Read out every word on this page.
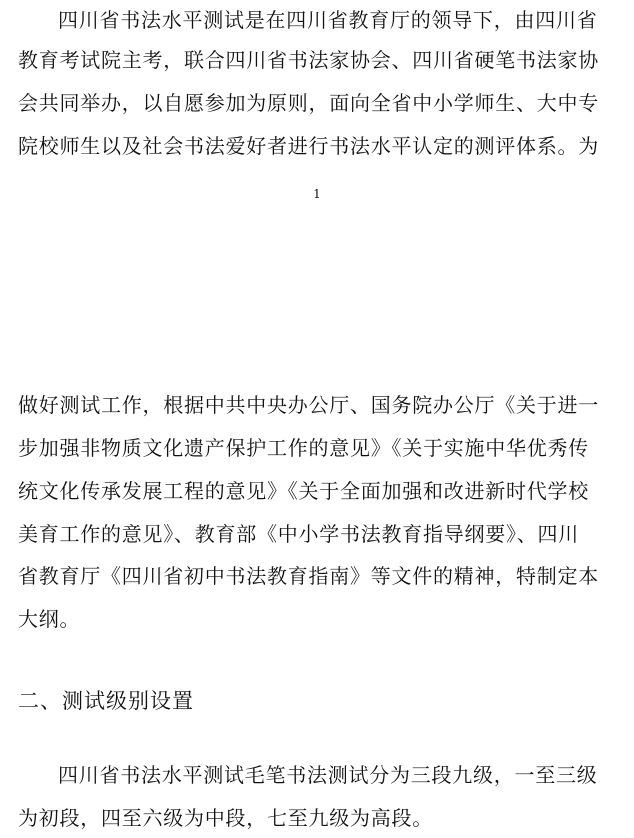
四川省书法水平测试是在四川省教育厅的领导下，由四川省
教育考试院主考，联合四川省书法家协会、四川省硬笔书法家协
会共同举办，以自愿参加为原则，面向全省中小学师生、大中专
院校师生以及社会书法爱好者进行书法水平认定的测评体系。为
1
做好测试工作，根据中共中央办公厅、国务院办公厅《关于进一
步加强非物质文化遗产保护工作的意见》《关于实施中华优秀传
统文化传承发展工程的意见》《关于全面加强和改进新时代学校
美育工作的意见》、教育部《中小学书法教育指导纲要》、四川
省教育厅《四川省初中书法教育指南》等文件的精神，特制定本
大纲。
二、测试级别设置
四川省书法水平测试毛笔书法测试分为三段九级，一至三级
为初段，四至六级为中段，七至九级为高段。
